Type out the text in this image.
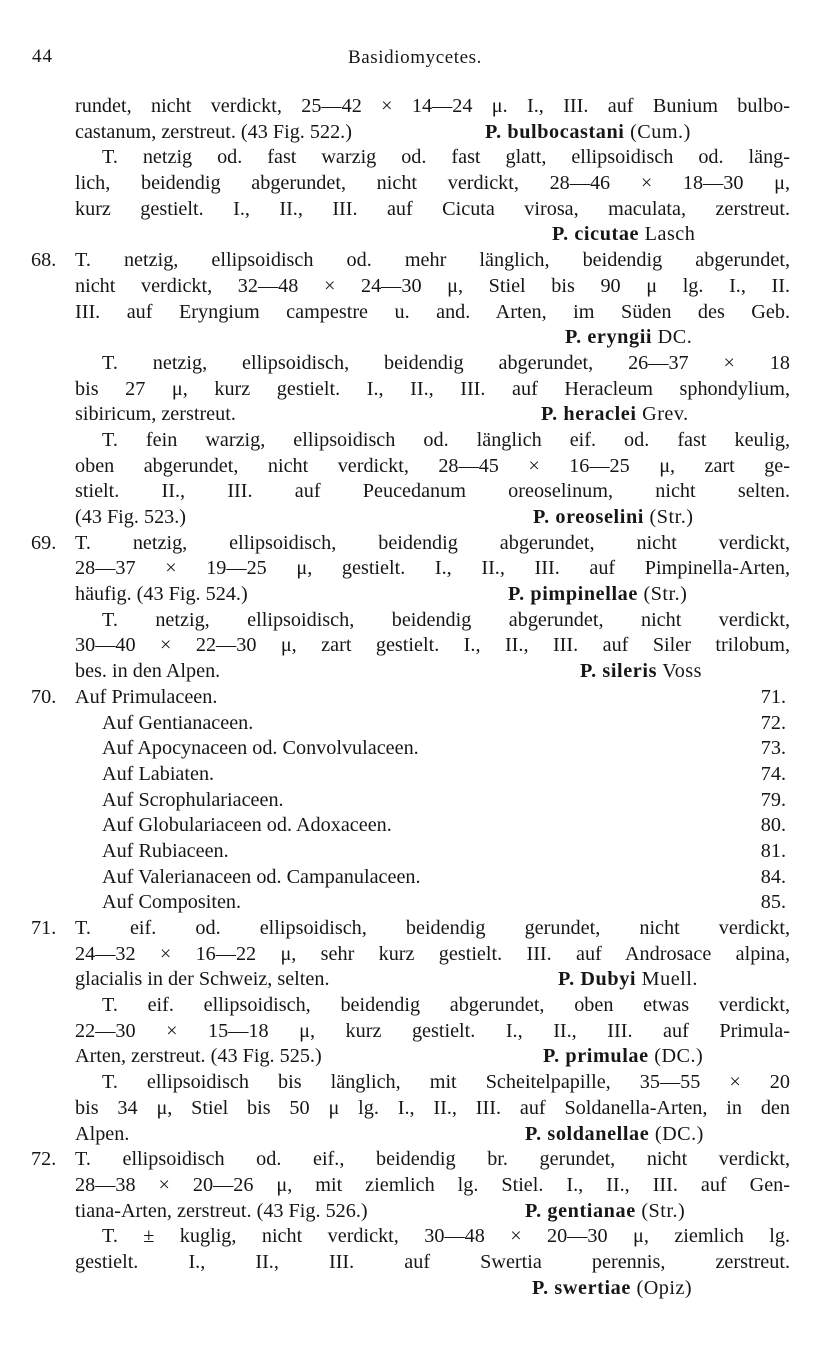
44	Basidiomycetes.
rundet, nicht verdickt, 25—42 × 14—24 μ. I., III. auf Bunium bulbo-
castanum, zerstreut. (43 Fig. 522.)	P. bulbocastani (Cum.)
T. netzig od. fast warzig od. fast glatt, ellipsoidisch od. läng-
lich, beidendig abgerundet, nicht verdickt, 28—46 × 18—30 μ,
kurz gestielt. I., II., III. auf Cicuta virosa, maculata, zerstreut.
P. cicutae Lasch
68. T. netzig, ellipsoidisch od. mehr länglich, beidendig abgerundet,
nicht verdickt, 32—48 × 24—30 μ, Stiel bis 90 μ lg. I., II.
III. auf Eryngium campestre u. and. Arten, im Süden des Geb.
P. eryngii DC.
T. netzig, ellipsoidisch, beidendig abgerundet, 26—37 × 18
bis 27 μ, kurz gestielt. I., II., III. auf Heracleum sphondylium,
sibiricum, zerstreut.	P. heraclei Grev.
T. fein warzig, ellipsoidisch od. länglich eif. od. fast keulig,
oben abgerundet, nicht verdickt, 28—45 × 16—25 μ, zart ge-
stielt. II., III. auf Peucedanum oreoselinum, nicht selten.
(43 Fig. 523.)	P. oreoselini (Str.)
69. T. netzig, ellipsoidisch, beidendig abgerundet, nicht verdickt,
28—37 × 19—25 μ, gestielt. I., II., III. auf Pimpinella-Arten,
häufig. (43 Fig. 524.)	P. pimpinellae (Str.)
T. netzig, ellipsoidisch, beidendig abgerundet, nicht verdickt,
30—40 × 22—30 μ, zart gestielt. I., II., III. auf Siler trilobum,
bes. in den Alpen.	P. sileris Voss
70. Auf Primulaceen.	71.
Auf Gentianaceen.	72.
Auf Apocynaceen od. Convolvulaceen.	73.
Auf Labiaten.	74.
Auf Scrophulariaceen.	79.
Auf Globulariaceen od. Adoxaceen.	80.
Auf Rubiaceen.	81.
Auf Valerianaceen od. Campanulaceen.	84.
Auf Compositen.	85.
71. T. eif. od. ellipsoidisch, beidendig gerundet, nicht verdickt,
24—32 × 16—22 μ, sehr kurz gestielt. III. auf Androsace alpina,
glacialis in der Schweiz, selten.	P. Dubyi Muell.
T. eif. ellipsoidisch, beidendig abgerundet, oben etwas verdickt,
22—30 × 15—18 μ, kurz gestielt. I., II., III. auf Primula-
Arten, zerstreut. (43 Fig. 525.)	P. primulae (DC.)
T. ellipsoidisch bis länglich, mit Scheitelpapille, 35—55 × 20
bis 34 μ, Stiel bis 50 μ lg. I., II., III. auf Soldanella-Arten, in den
Alpen.	P. soldanellae (DC.)
72. T. ellipsoidisch od. eif., beidendig br. gerundet, nicht verdickt,
28—38 × 20—26 μ, mit ziemlich lg. Stiel. I., II., III. auf Gen-
tiana-Arten, zerstreut. (43 Fig. 526.)	P. gentianae (Str.)
T. ± kuglig, nicht verdickt, 30—48 × 20—30 μ, ziemlich lg.
gestielt. I., II., III. auf Swertia perennis, zerstreut.
P. swertiae (Opiz)
